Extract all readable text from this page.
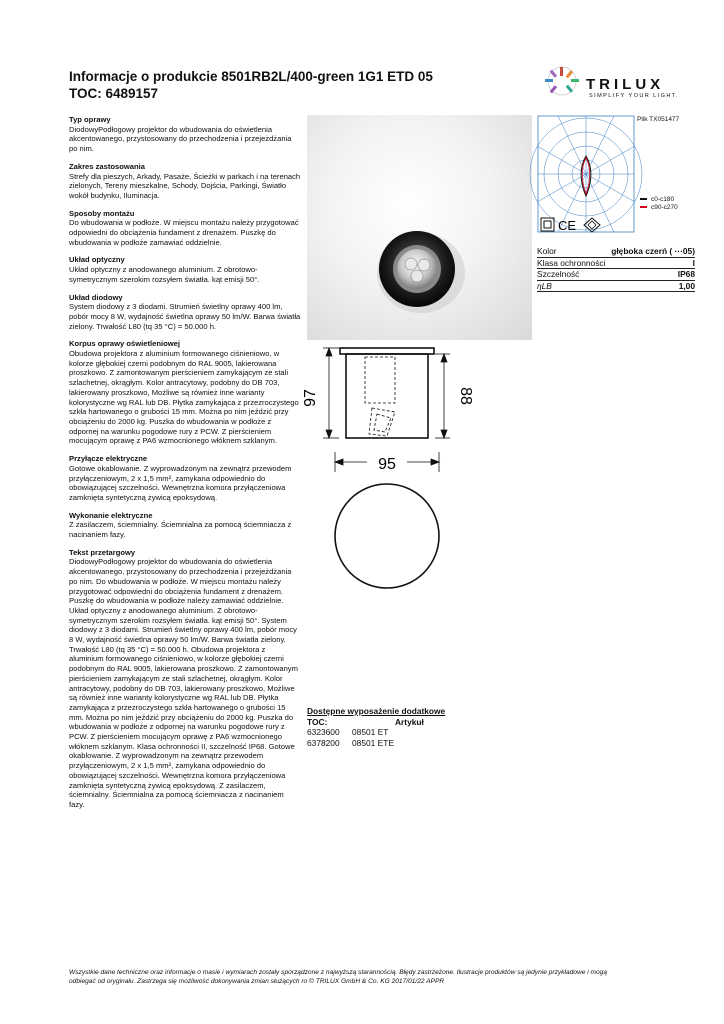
Informacje o produkcie 8501RB2L/400-green 1G1 ETD 05
TOC: 6489157
TRILUX
SIMPLIFY YOUR LIGHT.
Typ oprawy

DiodowyPodłogowy projektor do wbudowania do oświetlenia akcentowanego, przystosowany do przechodzenia i przejeżdżania po nim.

Zakres zastosowania

Strefy dla pieszych, Arkady, Pasaże, Ścieżki w parkach i na terenach zielonych, Tereny mieszkalne, Schody, Dojścia, Parkingi, Światło wokół budynku, Iluminacja.

Sposoby montażu

Do wbudowania w podłoże. W miejscu montażu należy przygotować odpowiedni do obciążenia fundament z drenażem. Puszkę do wbudowania w podłoże zamawiać oddzielnie.

Układ optyczny

Układ optyczny z anodowanego aluminium. Z obrotowo-symetrycznym szerokim rozsyłem światła. kąt emisji 50°.

Układ diodowy

System diodowy z 3 diodami. Strumień świetlny oprawy 400 lm, pobór mocy 8 W, wydajność świetlna oprawy 50 lm/W. Barwa światła zielony. Trwałość L80 (tq 35 °C) = 50.000 h.

Korpus oprawy oświetleniowej

Obudowa projektora z aluminium formowanego ciśnieniowo, w kolorze głębokiej czerni podobnym do RAL 9005, lakierowana proszkowo. Z zamontowanym pierścieniem zamykającym ze stali szlachetnej, okrągłym. Kolor antracytowy, podobny do DB 703, lakierowany proszkowo, Możliwe są również inne warianty kolorystyczne wg RAL lub DB. Płytka zamykająca z przezroczystego szkła hartowanego o grubości 15 mm. Można po nim jeździć przy obciążeniu do 2000 kg. Puszka do wbudowania w podłoże z odpornej na warunku pogodowe rury z PCW. Z pierścieniem mocującym oprawę z PA6 wzmocnionego włóknem szklanym.

Przyłącze elektryczne

Gotowe okablowanie. Z wyprowadzonym na zewnątrz przewodem przyłączeniowym, 2 x 1,5 mm², zamykana odpowiednio do obowiązującej szczelności. Wewnętrzna komora przyłączeniowa zamknięta syntetyczną żywicą epoksydową.

Wykonanie elektryczne

Z zasilaczem, ściemnialny. Ściemnialna za pomocą ściemniacza z nacinaniem fazy.

Tekst przetargowy

DiodowyPodłogowy projektor do wbudowania do oświetlenia akcentowanego, przystosowany do przechodzenia i przejeżdżania po nim. Do wbudowania w podłoże. W miejscu montażu należy przygotować odpowiedni do obciążenia fundament z drenażem. Puszkę do wbudowania w podłoże należy zamawiać oddzielnie. Układ optyczny z anodowanego aluminium. Z obrotowo-symetrycznym szerokim rozsyłem światła. kąt emisji 50°. System diodowy z 3 diodami. Strumień świetlny oprawy 400 lm, pobór mocy 8 W, wydajność świetlna oprawy 50 lm/W. Barwa światła zielony. Trwałość L80 (tq 35 °C) = 50.000 h. Obudowa projektora z aluminium formowanego ciśnieniowo, w kolorze głębokiej czerni podobnym do RAL 9005, lakierowana proszkowo. Z zamontowanym pierścieniem zamykającym ze stali szlachetnej, okrągłym. Kolor antracytowy, podobny do DB 703, lakierowany proszkowo, Możliwe są również inne warianty kolorystyczne wg RAL lub DB. Płytka zamykająca z przezroczystego szkła hartowanego o grubości 15 mm. Można po nim jeździć przy obciążeniu do 2000 kg. Puszka do wbudowania w podłoże z odpornej na warunku pogodowe rury z PCW. Z pierścieniem mocującym oprawę z PA6 wzmocnionego włóknem szklanym. Klasa ochronności II, szczelność IP68. Gotowe okablowanie. Z wyprowadzonym na zewnątrz przewodem przyłączeniowym, 2 x 1,5 mm², zamykana odpowiednio do obowiązującej szczelności. Wewnętrzna komora przyłączeniowa zamknięta syntetyczną żywicą epoksydową. Z zasilaczem, ściemnialny. Ściemnialna za pomocą ściemniacza z nacinaniem fazy.

Plik TX051477
c0-c180
c90-c270
CE
Kolor	głęboka czerń ( ···05)
Klasa ochronności	I
Szczelność	IP68
ηLB	1,00
97	88
95
Dostępne wyposażenie dodatkowe
TOC:	Artykuł
6323600	08501 ET
6378200	08501 ETE
Wszystkie dane techniczne oraz informacje o masie i wymiarach zostały sporządzone z najwyższą starannością. Błędy zastrzeżone. Ilustracje produktów są jedynie przykładowe i mogą
odbiegać od oryginału. Zastrzega się możliwość dokonywania zmian służących ro © TRILUX GmbH & Co. KG 2017/01/22 APPR
